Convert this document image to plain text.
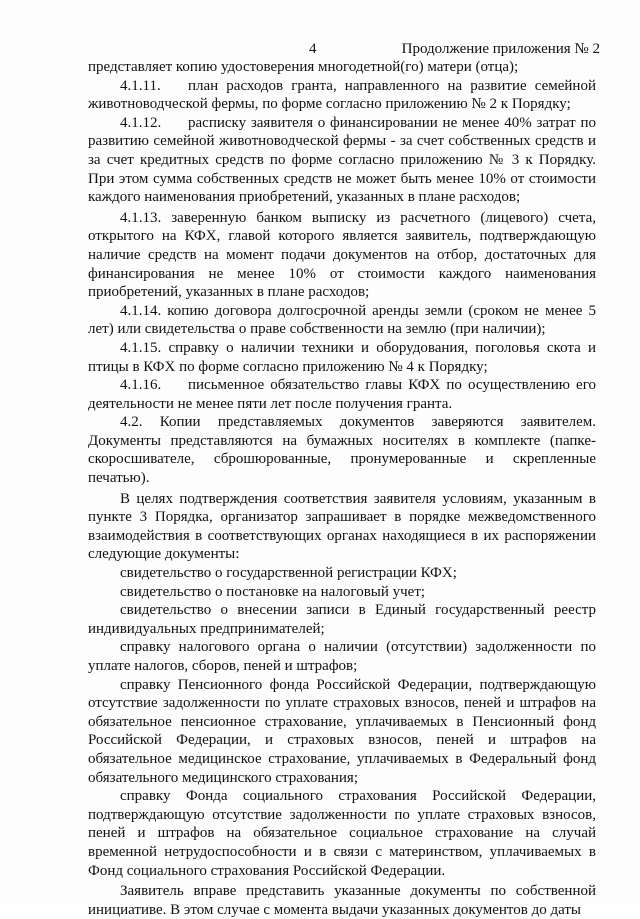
4	Продолжение приложения № 2

представляет копию удостоверения многодетной(го) матери (отца);

4.1.11. план расходов гранта, направленного на развитие семейной животноводческой фермы, по форме согласно приложению № 2 к Порядку;

4.1.12. расписку заявителя о финансировании не менее 40% затрат по развитию семейной животноводческой фермы - за счет собственных средств и за счет кредитных средств по форме согласно приложению № 3 к Порядку. При этом сумма собственных средств не может быть менее 10% от стоимости каждого наименования приобретений, указанных в плане расходов;

4.1.13. заверенную банком выписку из расчетного (лицевого) счета, открытого на КФХ, главой которого является заявитель, подтверждающую наличие средств на момент подачи документов на отбор, достаточных для финансирования не менее 10% от стоимости каждого наименования приобретений, указанных в плане расходов;

4.1.14. копию договора долгосрочной аренды земли (сроком не менее 5 лет) или свидетельства о праве собственности на землю (при наличии);

4.1.15. справку о наличии техники и оборудования, поголовья скота и птицы в КФХ по форме согласно приложению № 4 к Порядку;

4.1.16. письменное обязательство главы КФХ по осуществлению его деятельности не менее пяти лет после получения гранта.

4.2. Копии представляемых документов заверяются заявителем. Документы представляются на бумажных носителях в комплекте (папке-скоросшивателе, сброшюрованные, пронумерованные и скрепленные печатью).

В целях подтверждения соответствия заявителя условиям, указанным в пункте 3 Порядка, организатор запрашивает в порядке межведомственного взаимодействия в соответствующих органах находящиеся в их распоряжении следующие документы:

свидетельство о государственной регистрации КФХ;

свидетельство о постановке на налоговый учет;

свидетельство о внесении записи в Единый государственный реестр индивидуальных предпринимателей;

справку налогового органа о наличии (отсутствии) задолженности по уплате налогов, сборов, пеней и штрафов;

справку Пенсионного фонда Российской Федерации, подтверждающую отсутствие задолженности по уплате страховых взносов, пеней и штрафов на обязательное пенсионное страхование, уплачиваемых в Пенсионный фонд Российской Федерации, и страховых взносов, пеней и штрафов на обязательное медицинское страхование, уплачиваемых в Федеральный фонд обязательного медицинского страхования;

справку Фонда социального страхования Российской Федерации, подтверждающую отсутствие задолженности по уплате страховых взносов, пеней и штрафов на обязательное социальное страхование на случай временной нетрудоспособности и в связи с материнством, уплачиваемых в Фонд социального страхования Российской Федерации.

Заявитель вправе представить указанные документы по собственной инициативе. В этом случае с момента выдачи указанных документов до даты
